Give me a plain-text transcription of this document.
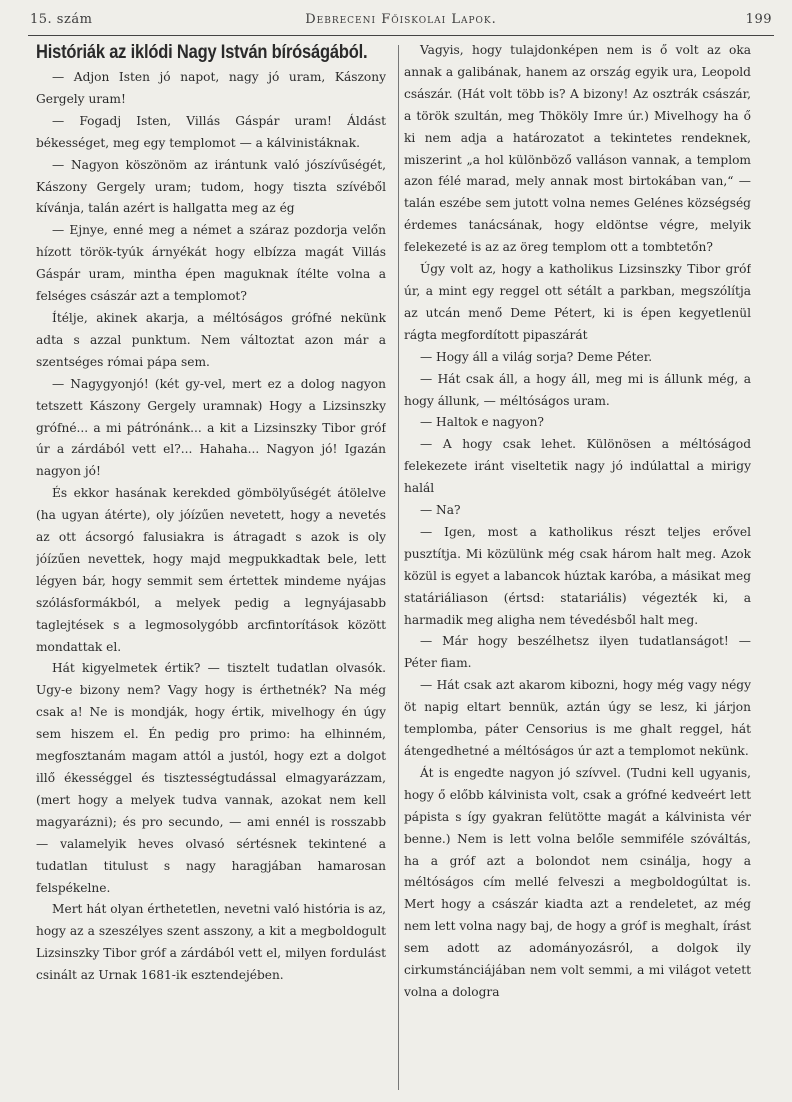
15. szám	Debreceni Főiskolai Lapok.	199
Históriák az iklódi Nagy István bíróságából.

— Adjon Isten jó napot, nagy jó uram, Kászony Gergely uram!

— Fogadj Isten, Villás Gáspár uram! Áldást békességet, meg egy templomot — a kálvinistáknak.

— Nagyon köszönöm az irántunk való jószívűségét, Kászony Gergely uram; tudom, hogy tiszta szívéből kívánja, talán azért is hallgatta meg az ég

— Ejnye, enné meg a német a száraz pozdorja velőn hízott török-tyúk árnyékát hogy elbízza magát Villás Gáspár uram, mintha épen maguknak ítélte volna a felséges császár azt a templomot?

Ítélje, akinek akarja, a méltóságos grófné nekünk adta s azzal punktum. Nem változtat azon már a szentséges római pápa sem.

— Nagygyonjó! (két gy-vel, mert ez a dolog nagyon tetszett Kászony Gergely uramnak) Hogy a Lizsinszky grófné... a mi pátrónánk... a kit a Lizsinszky Tibor gróf úr a zárdából vett el?... Hahaha... Nagyon jó! Igazán nagyon jó!

És ekkor hasának kerekded gömbölyűségét átölelve (ha ugyan átérte), oly jóízűen nevetett, hogy a nevetés az ott ácsorgó falusiakra is átragadt s azok is oly jóízűen nevettek, hogy majd megpukkadtak bele, lett légyen bár, hogy semmit sem értettek mindeme nyájas szólásformákból, a melyek pedig a legnyájasabb taglejtések s a legmosolygóbb arcfintorítások között mondattak el.

Hát kigyelmetek értik? — tisztelt tudatlan olvasók. Ugy-e bizony nem? Vagy hogy is érthetnék? Na még csak a! Ne is mondják, hogy értik, mivelhogy én úgy sem hiszem el. Én pedig pro primo: ha elhinném, megfosztanám magam attól a justól, hogy ezt a dolgot illő ékességgel és tisztességtudással elmagyarázzam, (mert hogy a melyek tudva vannak, azokat nem kell magyarázni); és pro secundo, — ami ennél is rosszabb — valamelyik heves olvasó sértésnek tekintené a tudatlan titulust s nagy haragjában hamarosan felspékelne.

Mert hát olyan érthetetlen, nevetni való história is az, hogy az a szeszélyes szent asszony, a kit a megboldogult Lizsinszky Tibor gróf a zárdából vett el, milyen fordulást csinált az Urnak 1681-ik esztendejében.

Vagyis, hogy tulajdonképen nem is ő volt az oka annak a galibának, hanem az ország egyik ura, Leopold császár. (Hát volt több is? A bizony! Az osztrák császár, a török szultán, meg Thököly Imre úr.) Mivelhogy ha ő ki nem adja a határozatot a tekintetes rendeknek, miszerint „a hol különböző valláson vannak, a templom azon félé marad, mely annak most birtokában van,“ — talán eszébe sem jutott volna nemes Gelénes községség érdemes tanácsának, hogy eldöntse végre, melyik felekezeté is az az öreg templom ott a tombtetőn?

Úgy volt az, hogy a katholikus Lizsinszky Tibor gróf úr, a mint egy reggel ott sétált a parkban, megszólítja az utcán menő Deme Pétert, ki is épen kegyetlenül rágta megfordított pipaszárát

— Hogy áll a világ sorja? Deme Péter.

— Hát csak áll, a hogy áll, meg mi is állunk még, a hogy állunk, — méltóságos uram.

— Haltok e nagyon?

— A hogy csak lehet. Különösen a méltóságod felekezete iránt viseltetik nagy jó indúlattal a mirigy halál

— Na?

— Igen, most a katholikus részt teljes erővel pusztítja. Mi közülünk még csak három halt meg. Azok közül is egyet a labancok húztak karóba, a másikat meg statáriáliason (értsd: statariális) végezték ki, a harmadik meg aligha nem tévedésből halt meg.

— Már hogy beszélhetsz ilyen tudatlanságot! — Péter fiam.

— Hát csak azt akarom kibozni, hogy még vagy négy öt napig eltart bennük, aztán úgy se lesz, ki járjon templomba, páter Censorius is me ghalt reggel, hát átengedhetné a méltóságos úr azt a templomot nekünk.

Át is engedte nagyon jó szívvel. (Tudni kell ugyanis, hogy ő előbb kálvinista volt, csak a grófné kedveért lett pápista s így gyakran felütötte magát a kálvinista vér benne.) Nem is lett volna belőle semmiféle szóváltás, ha a gróf azt a bolondot nem csinálja, hogy a méltóságos cím mellé felveszi a megboldogúltat is. Mert hogy a császár kiadta azt a rendeletet, az még nem lett volna nagy baj, de hogy a gróf is meghalt, írást sem adott az adományozásról, a dolgok ily cirkumstánciájában nem volt semmi, a mi világot vetett volna a dologra
